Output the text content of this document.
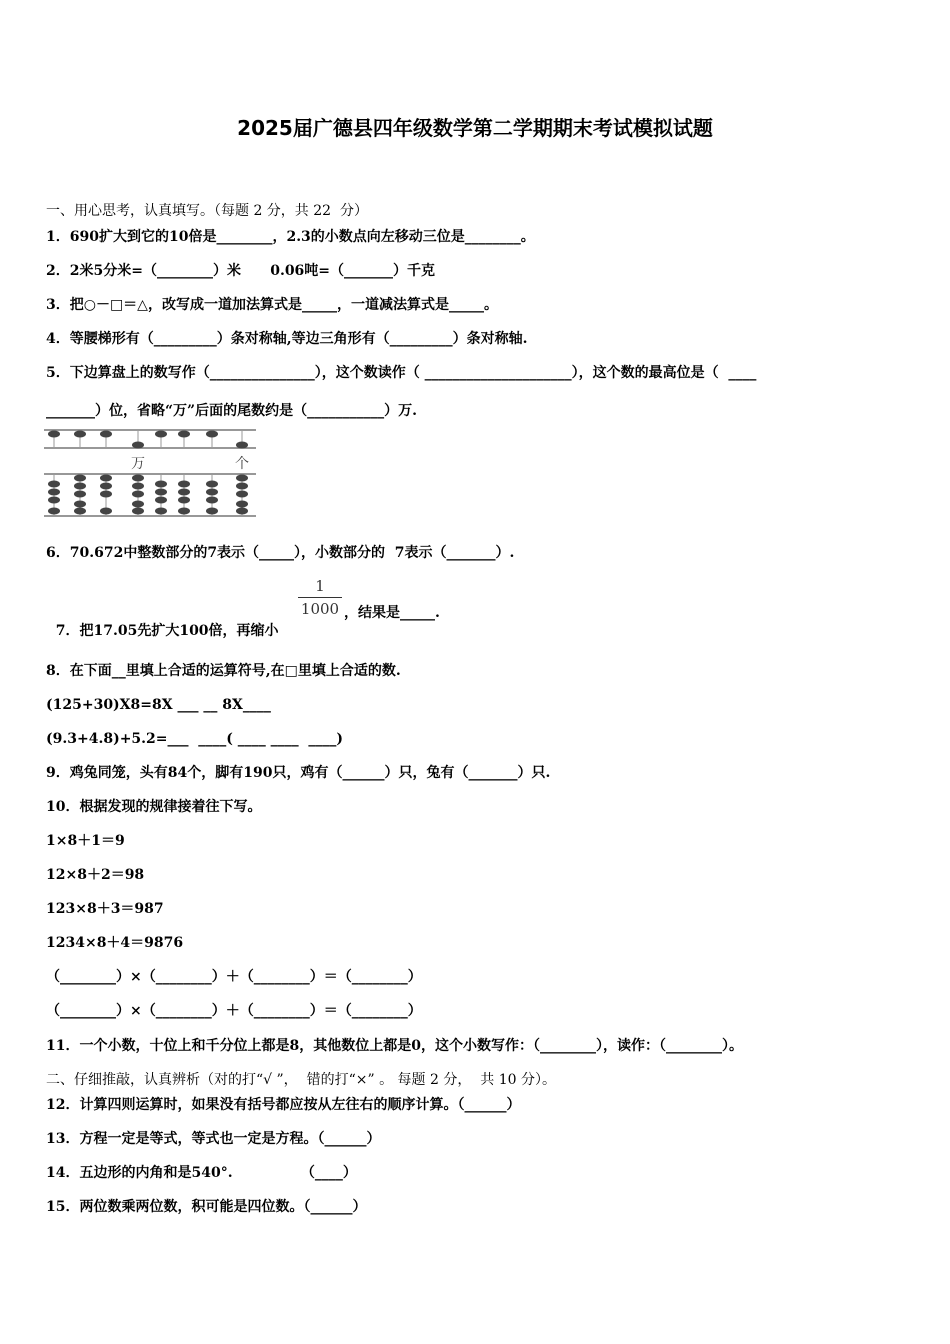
2025届广德县四年级数学第二学期期末考试模拟试题
一、用心思考，认真填写。（每题 2 分，共 22  分）
1．690扩大到它的10倍是________，2.3的小数点向左移动三位是________。
2．2米5分米=（________）米      0.06吨=（_______）千克
3．把○－□＝△，改写成一道加法算式是_____，一道减法算式是_____。
4．等腰梯形有（_________）条对称轴,等边三角形有（_________）条对称轴.
5．下边算盘上的数写作（_______________），这个数读作（ _____________________），这个数的最高位是（  ____
_______）位，省略“万”后面的尾数约是（___________）万.
万	个
6．70.672中整数部分的7表示（_____），小数部分的  7表示（_______）.

7．把17.05先扩大100倍，再缩小

1
1000 ，结果是_____.
8．在下面__里填上合适的运算符号,在□里填上合适的数.
(125+30)X8=8X ___ __ 8X____
(9.3+4.8)+5.2=___  ____( ____ ____  ____)
9．鸡兔同笼，头有84个，脚有190只，鸡有（______）只，兔有（_______）只.
10．根据发现的规律接着往下写。
1×8＋1＝9
12×8＋2＝98
123×8＋3＝987
1234×8＋4＝9876
（________）×（________）＋（________）＝（________）
（________）×（________）＋（________）＝（________）
11．一个小数，十位上和千分位上都是8，其他数位上都是0，这个小数写作：（________），读作：（________）。
二、仔细推敲，认真辨析（对的打“√ ”，  错的打“×” 。 每题 2 分，  共 10 分）。
12．计算四则运算时，如果没有括号都应按从左往右的顺序计算。（______）
13．方程一定是等式，等式也一定是方程。（______）
14．五边形的内角和是540°.              （____）
15．两位数乘两位数，积可能是四位数。（______）
